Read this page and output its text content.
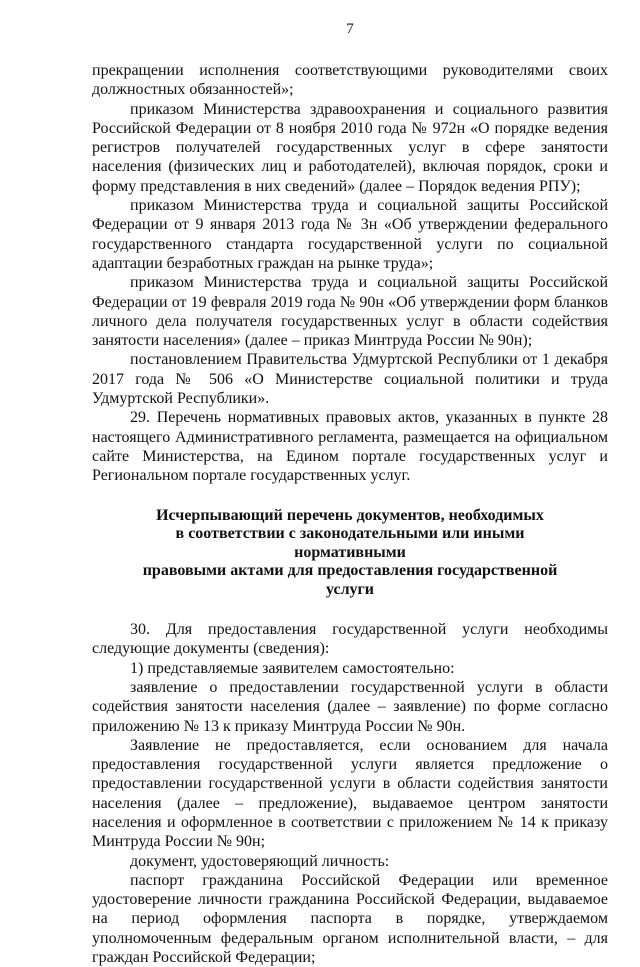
7

прекращении исполнения соответствующими руководителями своих должностных обязанностей»;

приказом Министерства здравоохранения и социального развития Российской Федерации от 8 ноября 2010 года № 972н «О порядке ведения регистров получателей государственных услуг в сфере занятости населения (физических лиц и работодателей), включая порядок, сроки и форму представления в них сведений» (далее – Порядок ведения РПУ);

приказом Министерства труда и социальной защиты Российской Федерации от 9 января 2013 года № 3н «Об утверждении федерального государственного стандарта государственной услуги по социальной адаптации безработных граждан на рынке труда»;

приказом Министерства труда и социальной защиты Российской Федерации от 19 февраля 2019 года № 90н «Об утверждении форм бланков личного дела получателя государственных услуг в области содействия занятости населения» (далее – приказ Минтруда России № 90н);

постановлением Правительства Удмуртской Республики от 1 декабря 2017 года № 506 «О Министерстве социальной политики и труда Удмуртской Республики».

29. Перечень нормативных правовых актов, указанных в пункте 28 настоящего Административного регламента, размещается на официальном сайте Министерства, на Едином портале государственных услуг и Региональном портале государственных услуг.

Исчерпывающий перечень документов, необходимых
в соответствии с законодательными или иными нормативными
правовыми актами для предоставления государственной услуги

30. Для предоставления государственной услуги необходимы следующие документы (сведения):

1) представляемые заявителем самостоятельно:

заявление о предоставлении государственной услуги в области содействия занятости населения (далее – заявление) по форме согласно приложению № 13 к приказу Минтруда России № 90н.

Заявление не предоставляется, если основанием для начала предоставления государственной услуги является предложение о предоставлении государственной услуги в области содействия занятости населения (далее – предложение), выдаваемое центром занятости населения и оформленное в соответствии с приложением № 14 к приказу Минтруда России № 90н;

документ, удостоверяющий личность:

паспорт гражданина Российской Федерации или временное удостоверение личности гражданина Российской Федерации, выдаваемое на период оформления паспорта в порядке, утверждаемом уполномоченным федеральным органом исполнительной власти, – для граждан Российской Федерации;
